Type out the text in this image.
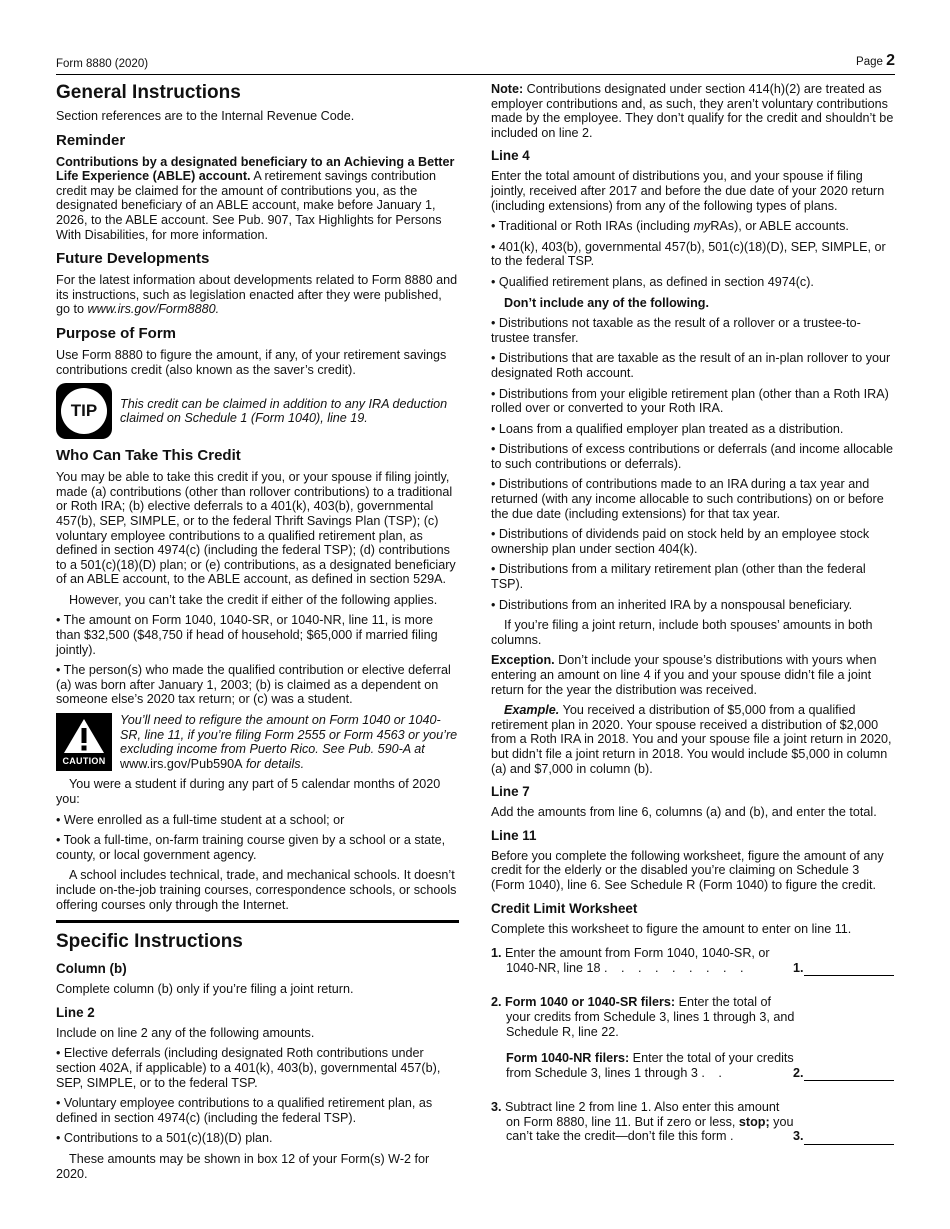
Form 8880 (2020)	Page 2
General Instructions

Section references are to the Internal Revenue Code.

Reminder

Contributions by a designated beneficiary to an Achieving a Better Life Experience (ABLE) account. A retirement savings contribution credit may be claimed for the amount of contributions you, as the designated beneficiary of an ABLE account, make before January 1, 2026, to the ABLE account. See Pub. 907, Tax Highlights for Persons With Disabilities, for more information.

Future Developments

For the latest information about developments related to Form 8880 and its instructions, such as legislation enacted after they were published, go to www.irs.gov/Form8880.

Purpose of Form

Use Form 8880 to figure the amount, if any, of your retirement savings contributions credit (also known as the saver’s credit).

TIP	This credit can be claimed in addition to any IRA deduction claimed on Schedule 1 (Form 1040), line 19.
Who Can Take This Credit

You may be able to take this credit if you, or your spouse if filing jointly, made (a) contributions (other than rollover contributions) to a traditional or Roth IRA; (b) elective deferrals to a 401(k), 403(b), governmental 457(b), SEP, SIMPLE, or to the federal Thrift Savings Plan (TSP); (c) voluntary employee contributions to a qualified retirement plan, as defined in section 4974(c) (including the federal TSP); (d) contributions to a 501(c)(18)(D) plan; or (e) contributions, as a designated beneficiary of an ABLE account, to the ABLE account, as defined in section 529A.

However, you can’t take the credit if either of the following applies.

• The amount on Form 1040, 1040-SR, or 1040-NR, line 11, is more than $32,500 ($48,750 if head of household; $65,000 if married filing jointly).

• The person(s) who made the qualified contribution or elective deferral (a) was born after January 1, 2003; (b) is claimed as a dependent on someone else’s 2020 tax return; or (c) was a student.

CAUTION
You’ll need to refigure the amount on Form 1040 or 1040-SR, line 11, if you’re filing Form 2555 or Form 4563 or you’re excluding income from Puerto Rico. See Pub. 590-A at www.irs.gov/Pub590A for details.

You were a student if during any part of 5 calendar months of 2020 you:

• Were enrolled as a full-time student at a school; or

• Took a full-time, on-farm training course given by a school or a state, county, or local government agency.

A school includes technical, trade, and mechanical schools. It doesn’t include on-the-job training courses, correspondence schools, or schools offering courses only through the Internet.

Specific Instructions
Column (b)

Complete column (b) only if you’re filing a joint return.

Line 2

Include on line 2 any of the following amounts.

• Elective deferrals (including designated Roth contributions under section 402A, if applicable) to a 401(k), 403(b), governmental 457(b), SEP, SIMPLE, or to the federal TSP.

• Voluntary employee contributions to a qualified retirement plan, as defined in section 4974(c) (including the federal TSP).

• Contributions to a 501(c)(18)(D) plan.

These amounts may be shown in box 12 of your Form(s) W-2 for 2020.

Note: Contributions designated under section 414(h)(2) are treated as employer contributions and, as such, they aren’t voluntary contributions made by the employee. They don’t qualify for the credit and shouldn’t be included on line 2.

Line 4

Enter the total amount of distributions you, and your spouse if filing jointly, received after 2017 and before the due date of your 2020 return (including extensions) from any of the following types of plans.

• Traditional or Roth IRAs (including myRAs), or ABLE accounts.

• 401(k), 403(b), governmental 457(b), 501(c)(18)(D), SEP, SIMPLE, or to the federal TSP.

• Qualified retirement plans, as defined in section 4974(c).

Don’t include any of the following.

• Distributions not taxable as the result of a rollover or a trustee-to-trustee transfer.

• Distributions that are taxable as the result of an in-plan rollover to your designated Roth account.

• Distributions from your eligible retirement plan (other than a Roth IRA) rolled over or converted to your Roth IRA.

• Loans from a qualified employer plan treated as a distribution.

• Distributions of excess contributions or deferrals (and income allocable to such contributions or deferrals).

• Distributions of contributions made to an IRA during a tax year and returned (with any income allocable to such contributions) on or before the due date (including extensions) for that tax year.

• Distributions of dividends paid on stock held by an employee stock ownership plan under section 404(k).

• Distributions from a military retirement plan (other than the federal TSP).

• Distributions from an inherited IRA by a nonspousal beneficiary.

If you’re filing a joint return, include both spouses’ amounts in both columns.

Exception. Don’t include your spouse’s distributions with yours when entering an amount on line 4 if you and your spouse didn’t file a joint return for the year the distribution was received.

Example. You received a distribution of $5,000 from a qualified retirement plan in 2020. Your spouse received a distribution of $2,000 from a Roth IRA in 2018. You and your spouse file a joint return in 2020, but didn’t file a joint return in 2018. You would include $5,000 in column (a) and $7,000 in column (b).

Line 7

Add the amounts from line 6, columns (a) and (b), and enter the total.

Line 11

Before you complete the following worksheet, figure the amount of any credit for the elderly or the disabled you’re claiming on Schedule 3 (Form 1040), line 6. See Schedule R (Form 1040) to figure the credit.

Credit Limit Worksheet

Complete this worksheet to figure the amount to enter on line 11.

1. Enter the amount from Form 1040, 1040-SR, or 1040-NR, line 18 . . . . . . . . .	1.
2. Form 1040 or 1040-SR filers: Enter the total of your credits from Schedule 3, lines 1 through 3, and Schedule R, line 22.
Form 1040-NR filers: Enter the total of your credits from Schedule 3, lines 1 through 3 . .	2.
3. Subtract line 2 from line 1. Also enter this amount on Form 8880, line 11. But if zero or less, stop; you can’t take the credit—don’t file this form .	3.
